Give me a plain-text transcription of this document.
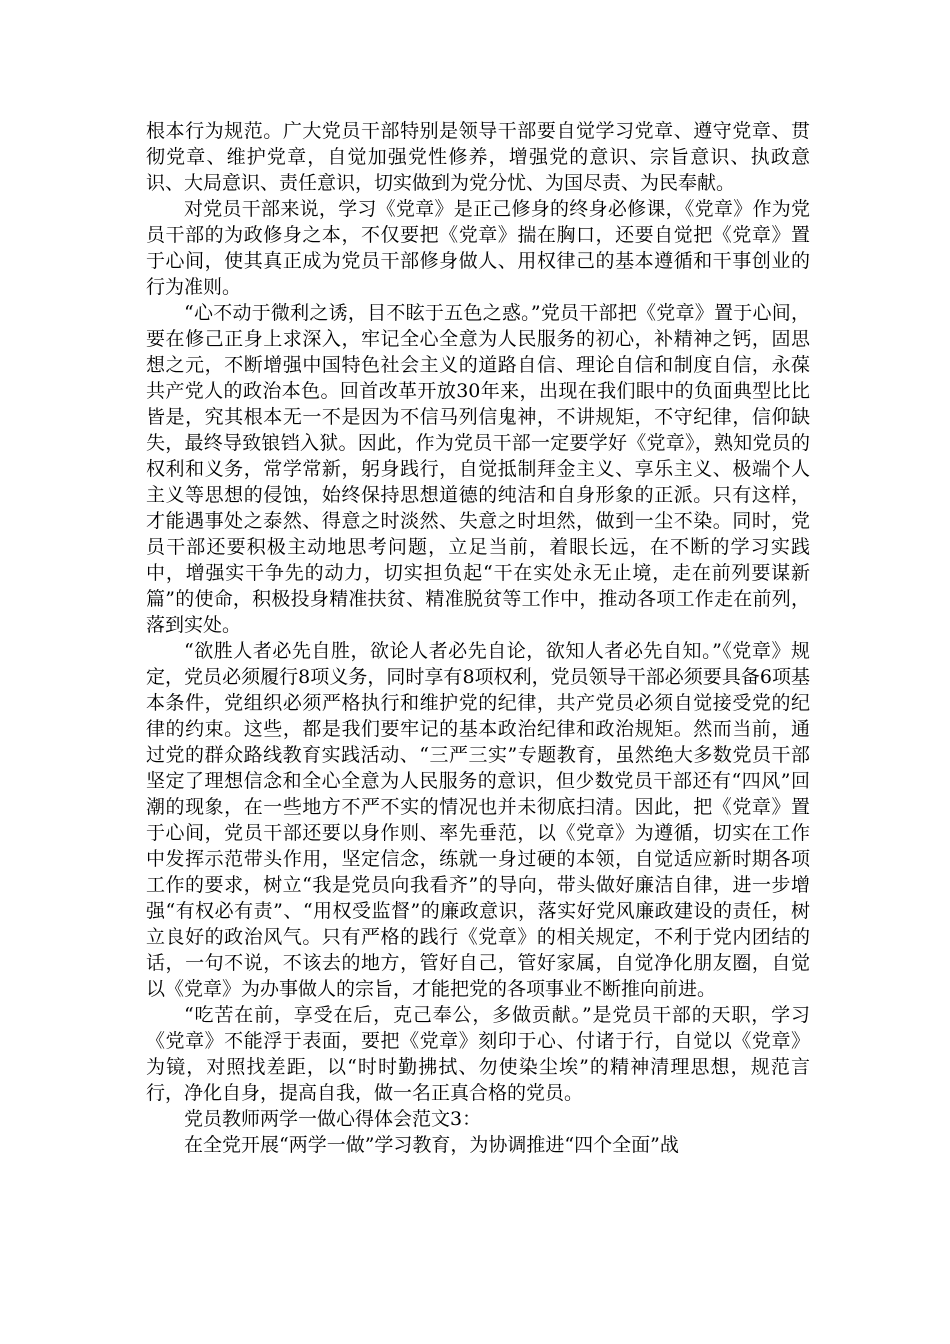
根本行为规范。广大党员干部特别是领导干部要自觉学习党章、遵守党章、贯彻党章、维护党章，自觉加强党性修养，增强党的意识、宗旨意识、执政意识、大局意识、责任意识，切实做到为党分忧、为国尽责、为民奉献。

对党员干部来说，学习《党章》是正己修身的终身必修课，《党章》作为党员干部的为政修身之本，不仅要把《党章》揣在胸口，还要自觉把《党章》置于心间，使其真正成为党员干部修身做人、用权律己的基本遵循和干事创业的行为准则。

“心不动于微利之诱，目不眩于五色之惑。”党员干部把《党章》置于心间，要在修己正身上求深入，牢记全心全意为人民服务的初心，补精神之钙，固思想之元，不断增强中国特色社会主义的道路自信、理论自信和制度自信，永葆共产党人的政治本色。回首改革开放30年来，出现在我们眼中的负面典型比比皆是，究其根本无一不是因为不信马列信鬼神，不讲规矩，不守纪律，信仰缺失，最终导致锒铛入狱。因此，作为党员干部一定要学好《党章》，熟知党员的权利和义务，常学常新，躬身践行，自觉抵制拜金主义、享乐主义、极端个人主义等思想的侵蚀，始终保持思想道德的纯洁和自身形象的正派。只有这样，才能遇事处之泰然、得意之时淡然、失意之时坦然，做到一尘不染。同时，党员干部还要积极主动地思考问题，立足当前，着眼长远，在不断的学习实践中，增强实干争先的动力，切实担负起“干在实处永无止境，走在前列要谋新篇”的使命，积极投身精准扶贫、精准脱贫等工作中，推动各项工作走在前列，落到实处。

“欲胜人者必先自胜，欲论人者必先自论，欲知人者必先自知。”《党章》规定，党员必须履行8项义务，同时享有8项权利，党员领导干部必须要具备6项基本条件，党组织必须严格执行和维护党的纪律，共产党员必须自觉接受党的纪律的约束。这些，都是我们要牢记的基本政治纪律和政治规矩。然而当前，通过党的群众路线教育实践活动、“三严三实”专题教育，虽然绝大多数党员干部坚定了理想信念和全心全意为人民服务的意识，但少数党员干部还有“四风”回潮的现象，在一些地方不严不实的情况也并未彻底扫清。因此，把《党章》置于心间，党员干部还要以身作则、率先垂范，以《党章》为遵循，切实在工作中发挥示范带头作用，坚定信念，练就一身过硬的本领，自觉适应新时期各项工作的要求，树立“我是党员向我看齐”的导向，带头做好廉洁自律，进一步增强“有权必有责”、“用权受监督”的廉政意识，落实好党风廉政建设的责任，树立良好的政治风气。只有严格的践行《党章》的相关规定，不利于党内团结的话，一句不说，不该去的地方，管好自己，管好家属，自觉净化朋友圈，自觉以《党章》为办事做人的宗旨，才能把党的各项事业不断推向前进。

“吃苦在前，享受在后，克己奉公，多做贡献。”是党员干部的天职，学习《党章》不能浮于表面，要把《党章》刻印于心、付诸于行，自觉以《党章》为镜，对照找差距，以“时时勤拂拭、勿使染尘埃”的精神清理思想，规范言行，净化自身，提高自我，做一名正真合格的党员。

党员教师两学一做心得体会范文3：

在全党开展“两学一做”学习教育，为协调推进“四个全面”战
